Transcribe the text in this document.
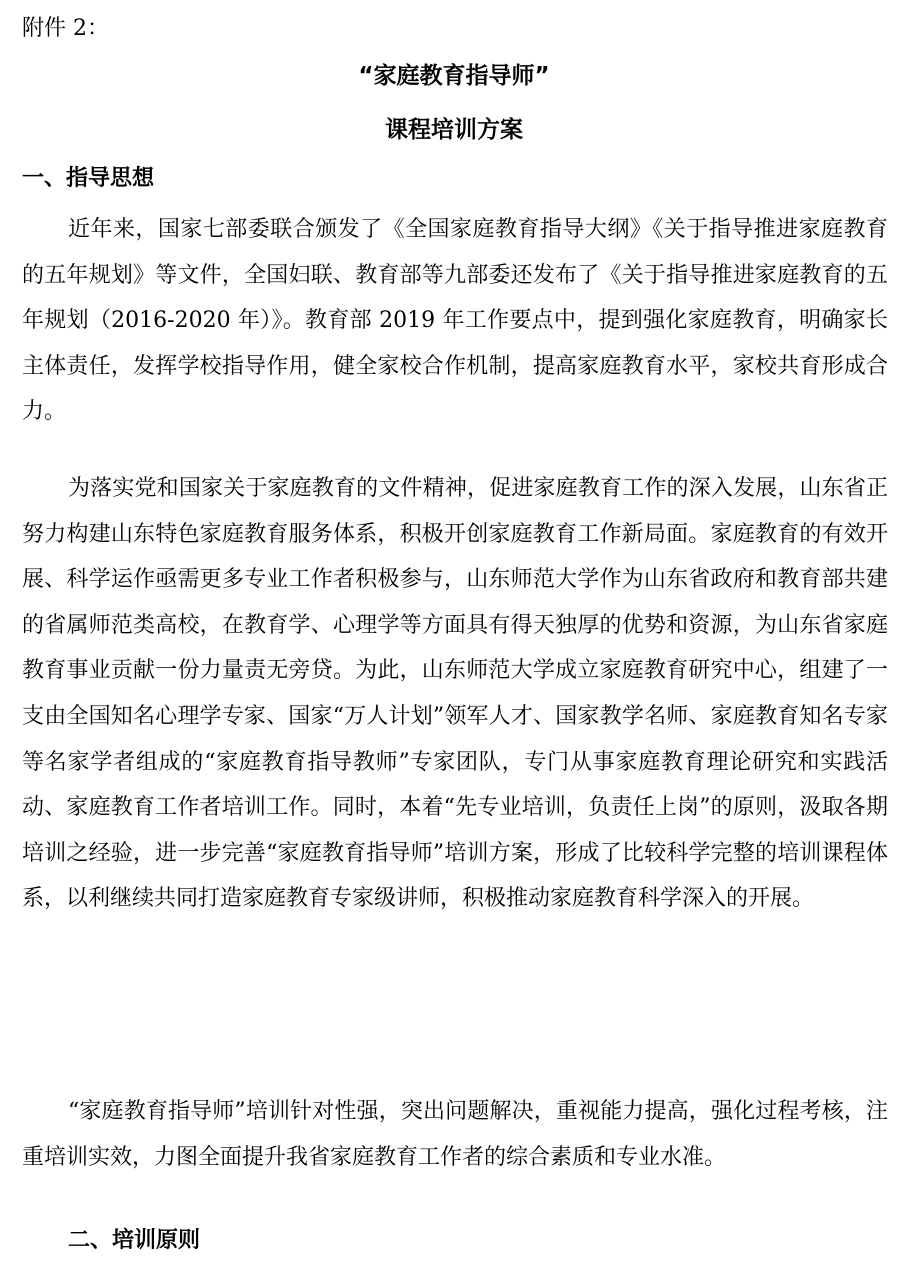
附件 2：

“家庭教育指导师”
课程培训方案
一、指导思想

近年来，国家七部委联合颁发了《全国家庭教育指导大纲》《关于指导推进家庭教育的五年规划》等文件，全国妇联、教育部等九部委还发布了《关于指导推进家庭教育的五年规划（2016-2020 年）》。教育部 2019 年工作要点中，提到强化家庭教育，明确家长主体责任，发挥学校指导作用，健全家校合作机制，提高家庭教育水平，家校共育形成合力。

为落实党和国家关于家庭教育的文件精神，促进家庭教育工作的深入发展，山东省正努力构建山东特色家庭教育服务体系，积极开创家庭教育工作新局面。家庭教育的有效开展、科学运作亟需更多专业工作者积极参与，山东师范大学作为山东省政府和教育部共建的省属师范类高校，在教育学、心理学等方面具有得天独厚的优势和资源，为山东省家庭教育事业贡献一份力量责无旁贷。为此，山东师范大学成立家庭教育研究中心，组建了一支由全国知名心理学专家、国家“万人计划”领军人才、国家教学名师、家庭教育知名专家等名家学者组成的“家庭教育指导教师”专家团队，专门从事家庭教育理论研究和实践活动、家庭教育工作者培训工作。同时，本着“先专业培训，负责任上岗”的原则，汲取各期培训之经验，进一步完善“家庭教育指导师”培训方案，形成了比较科学完整的培训课程体系，以利继续共同打造家庭教育专家级讲师，积极推动家庭教育科学深入的开展。

“家庭教育指导师”培训针对性强，突出问题解决，重视能力提高，强化过程考核，注重培训实效，力图全面提升我省家庭教育工作者的综合素质和专业水准。

二、培训原则
